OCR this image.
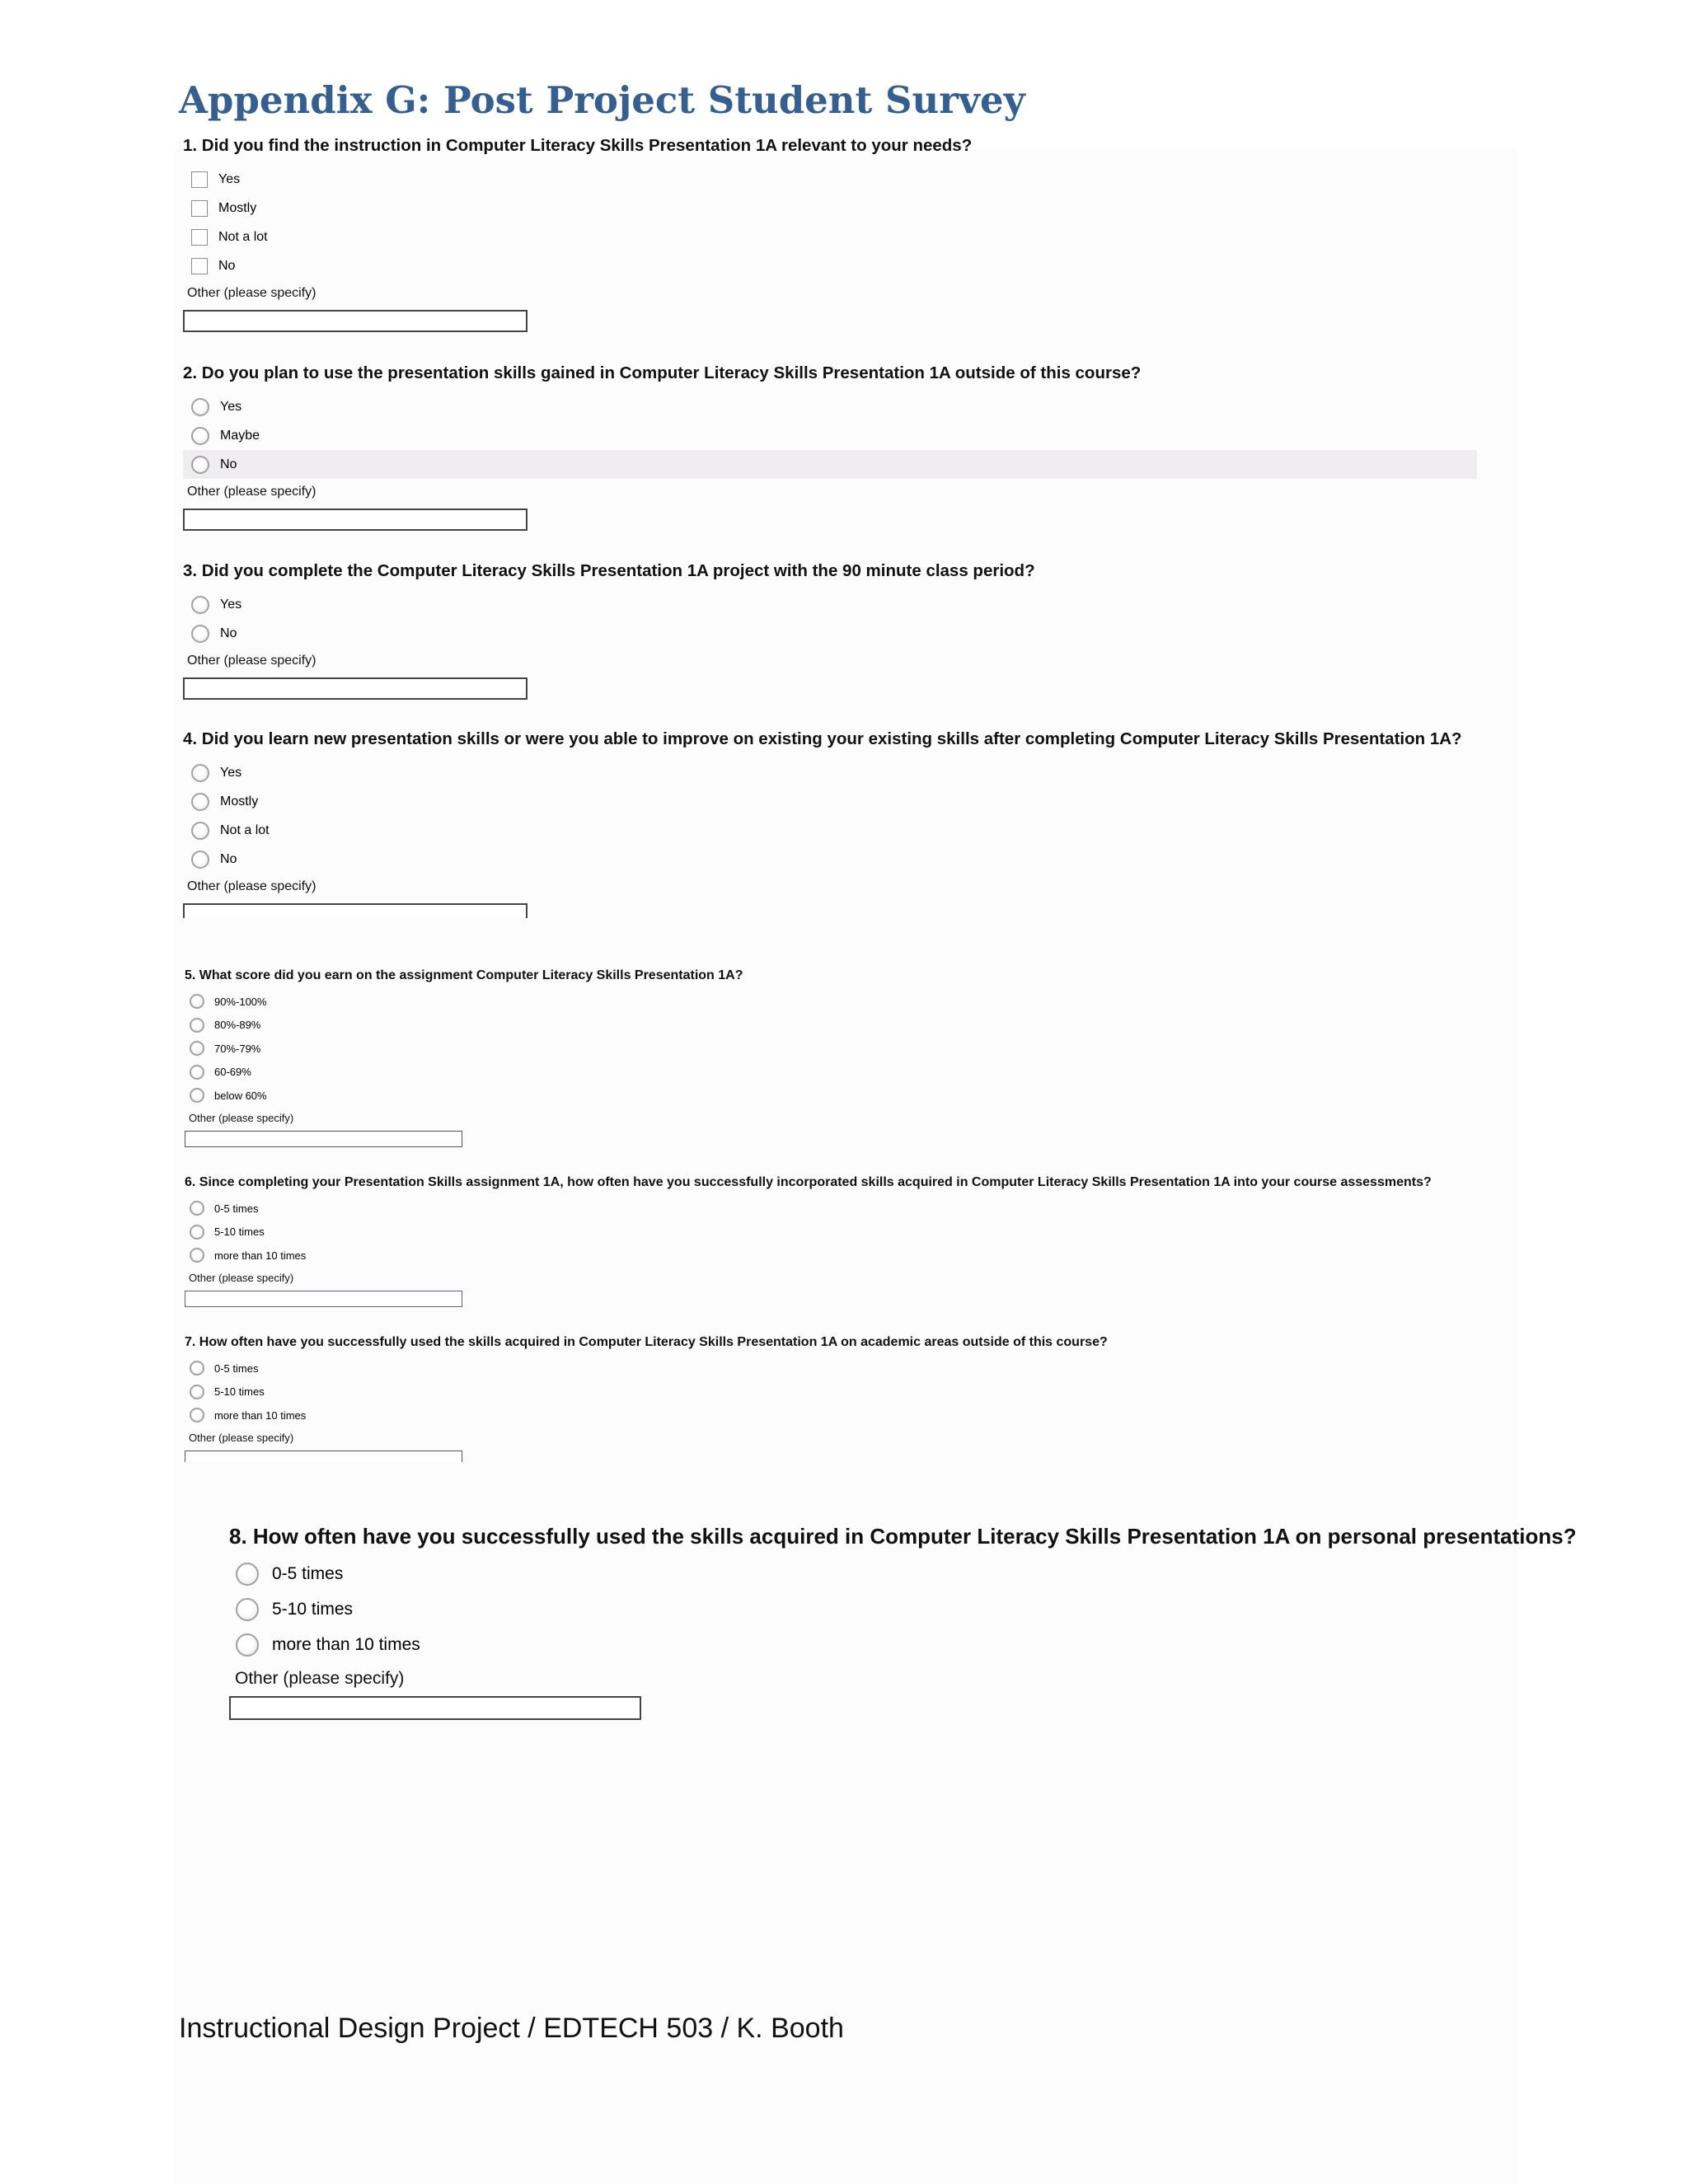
Appendix G: Post Project Student Survey

1. Did you find the instruction in Computer Literacy Skills Presentation 1A relevant to your needs?

Yes
Mostly
Not a lot
No
Other (please specify)

2. Do you plan to use the presentation skills gained in Computer Literacy Skills Presentation 1A outside of this course?

Yes
Maybe
No
Other (please specify)

3. Did you complete the Computer Literacy Skills Presentation 1A project with the 90 minute class period?

Yes
No
Other (please specify)

4. Did you learn new presentation skills or were you able to improve on existing your existing skills after completing Computer Literacy Skills Presentation 1A?

Yes
Mostly
Not a lot
No
Other (please specify)

5. What score did you earn on the assignment Computer Literacy Skills Presentation 1A?

90%-100%
80%-89%
70%-79%
60-69%
below 60%
Other (please specify)

6. Since completing your Presentation Skills assignment 1A, how often have you successfully incorporated skills acquired in Computer Literacy Skills Presentation 1A into your course assessments?

0-5 times
5-10 times
more than 10 times
Other (please specify)

7. How often have you successfully used the skills acquired in Computer Literacy Skills Presentation 1A on academic areas outside of this course?

0-5 times
5-10 times
more than 10 times
Other (please specify)

8. How often have you successfully used the skills acquired in Computer Literacy Skills Presentation 1A on personal presentations?

0-5 times
5-10 times
more than 10 times
Other (please specify)

Instructional Design Project / EDTECH 503 / K. Booth
